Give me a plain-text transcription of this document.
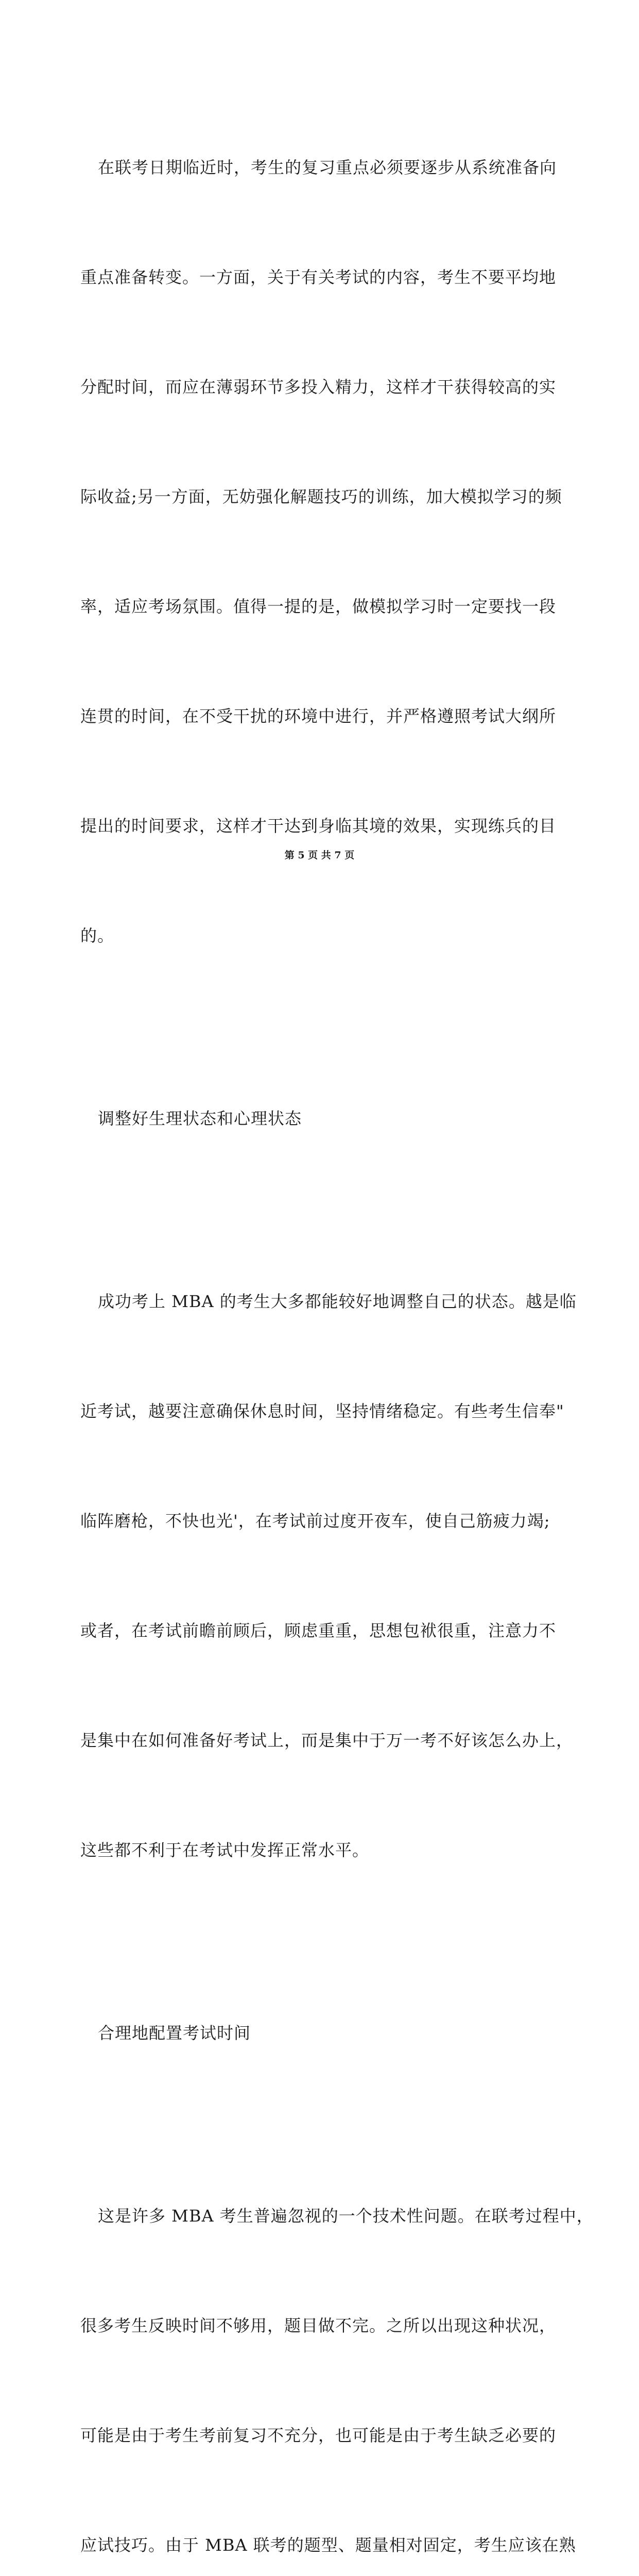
在联考日期临近时，考生的复习重点必须要逐步从系统准备向

重点准备转变。一方面，关于有关考试的内容，考生不要平均地

分配时间，而应在薄弱环节多投入精力，这样才干获得较高的实

际收益;另一方面，无妨强化解题技巧的训练，加大模拟学习的频

率，适应考场氛围。值得一提的是，做模拟学习时一定要找一段

连贯的时间，在不受干扰的环境中进行，并严格遵照考试大纲所

提出的时间要求，这样才干达到身临其境的效果，实现练兵的目

的。

调整好生理状态和心理状态

成功考上 MBA 的考生大多都能较好地调整自己的状态。越是临

近考试，越要注意确保休息时间，坚持情绪稳定。有些考生信奉"

临阵磨枪，不快也光'，在考试前过度开夜车，使自己筋疲力竭;

或者，在考试前瞻前顾后，顾虑重重，思想包袱很重，注意力不

是集中在如何准备好考试上，而是集中于万一考不好该怎么办上，

这些都不利于在考试中发挥正常水平。

合理地配置考试时间

这是许多 MBA 考生普遍忽视的一个技术性问题。在联考过程中，

很多考生反映时间不够用，题目做不完。之所以出现这种状况，

可能是由于考生考前复习不充分，也可能是由于考生缺乏必要的

应试技巧。由于 MBA 联考的题型、题量相对固定，考生应该在熟

第 5 页 共 7 页
